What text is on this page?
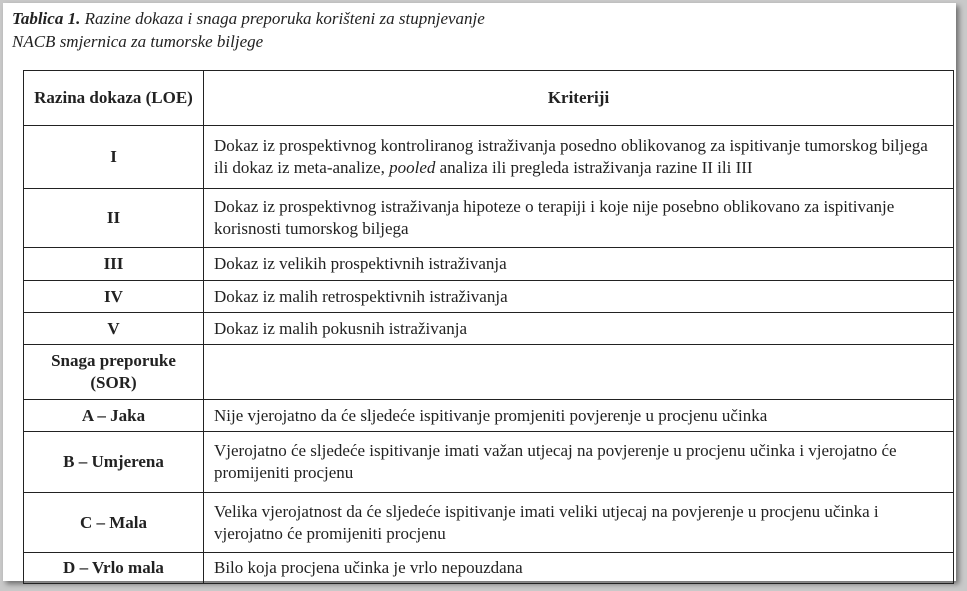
Tablica 1. Razine dokaza i snaga preporuka korišteni za stupnjevanje NACB smjernica za tumorske biljege

Razina dokaza (LOE)	Kriteriji
I	Dokaz iz prospektivnog kontroliranog istraživanja posedno oblikovanog za ispitivanje tumorskog biljega ili dokaz iz meta-analize, pooled analiza ili pregleda istraživanja razine II ili III
II	Dokaz iz prospektivnog istraživanja hipoteze o terapiji i koje nije posebno oblikovano za ispitivanje korisnosti tumorskog biljega
III	Dokaz iz velikih prospektivnih istraživanja
IV	Dokaz iz malih retrospektivnih istraživanja
V	Dokaz iz malih pokusnih istraživanja
Snaga preporuke (SOR)	
A – Jaka	Nije vjerojatno da će sljedeće ispitivanje promjeniti povjerenje u procjenu učinka
B – Umjerena	Vjerojatno će sljedeće ispitivanje imati važan utjecaj na povjerenje u procjenu učinka i vjerojatno će promijeniti procjenu
C – Mala	Velika vjerojatnost da će sljedeće ispitivanje imati veliki utjecaj na povjerenje u procjenu učinka i vjerojatno će promijeniti procjenu
D – Vrlo mala	Bilo koja procjena učinka je vrlo nepouzdana
